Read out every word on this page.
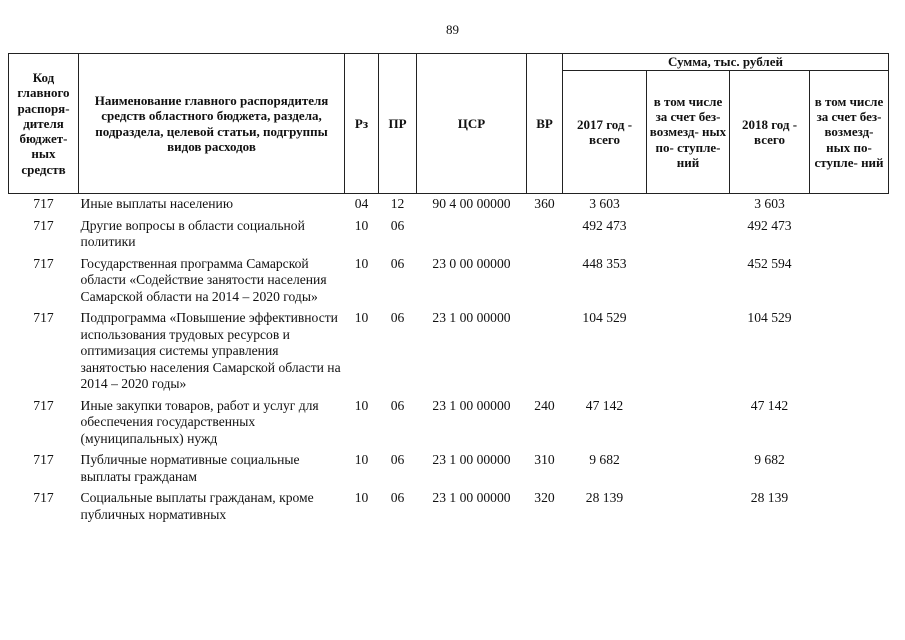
89
Код главного распоря- дителя бюджет- ных средств	Наименование главного распорядителя средств областного бюджета, раздела, подраздела, целевой статьи, подгруппы видов расходов	Рз	ПР	ЦСР	ВР	Сумма, тыс. рублей			
						2017 год - всего	в том числе за счет без- возмезд- ных по- ступле- ний	2018 год - всего	в том числе за счет без- возмезд- ных по- ступле- ний
717	Иные выплаты населению	04	12	90 4 00 00000	360	3 603		3 603	
717	Другие вопросы в области социальной политики	10	06			492 473		492 473	
717	Государственная программа Самарской области «Содействие занятости населения Самарской области на 2014 – 2020 годы»	10	06	23 0 00 00000		448 353		452 594	
717	Подпрограмма «Повышение эффективности использования трудовых ресурсов и оптимизация системы управления занятостью населения Самарской области на 2014 – 2020 годы»	10	06	23 1 00 00000		104 529		104 529	
717	Иные закупки товаров, работ и услуг для обеспечения государственных (муниципальных) нужд	10	06	23 1 00 00000	240	47 142		47 142	
717	Публичные нормативные социальные выплаты гражданам	10	06	23 1 00 00000	310	9 682		9 682	
717	Социальные выплаты гражданам, кроме публичных нормативных	10	06	23 1 00 00000	320	28 139		28 139	
